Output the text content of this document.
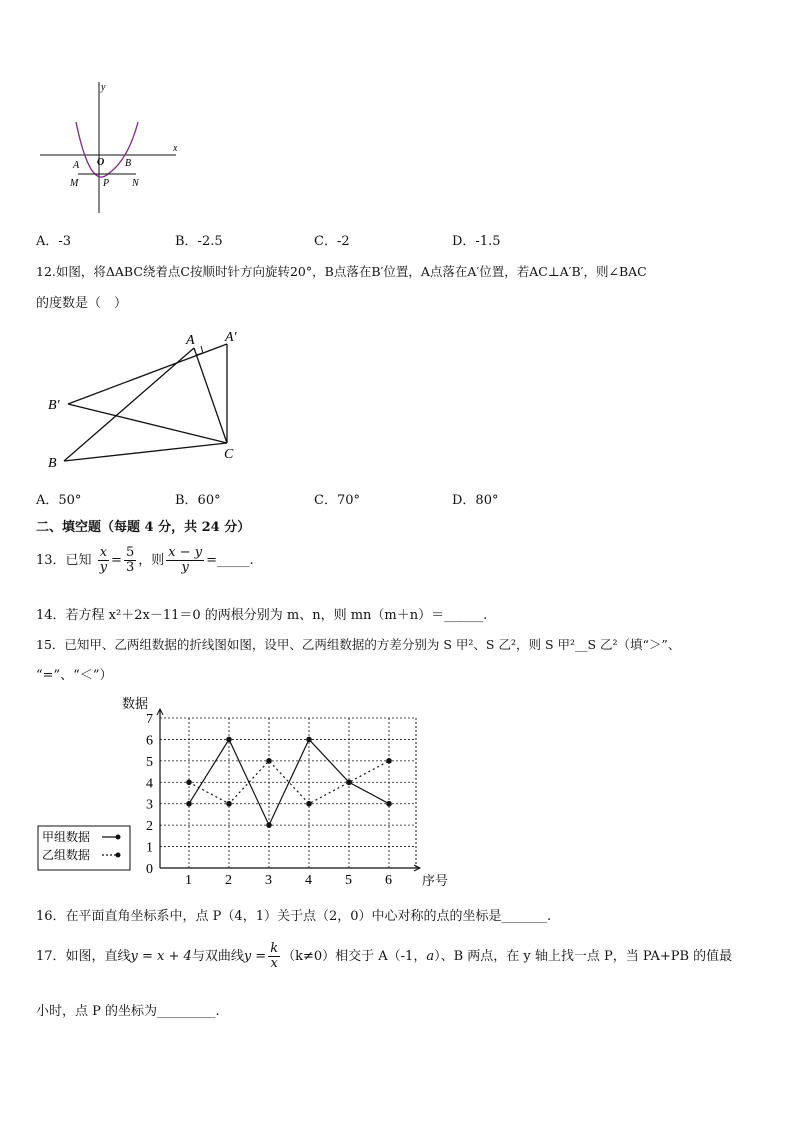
y
x
O
A	B
M P N
A．-3	B．-2.5	C．-2	D．-1.5
12.如图，将ΔABC绕着点C按顺时针方向旋转20°，B点落在B′位置，A点落在A′位置，若AC⊥A′B′，则∠BAC
的度数是（　）
A A′
B′
B
C
A．50°	B．60°	C．70°	D．80°
二、填空题（每题 4 分，共 24 分）
13．已知 $\frac{x}{y} = \frac{5}{3}$ ，则 $\frac{x - y}{y}$ =_____.
14．若方程 x²＋2x－11＝0 的两根分别为 m、n，则 mn（m＋n）＝______.
15．已知甲、乙两组数据的折线图如图，设甲、乙两组数据的方差分别为 S 甲²、S 乙²，则 S 甲²__S 乙²（填“＞”、
“=”、“＜”）
数据
序号
0
1
2
3
4
5
6
7
1 2 3 4 5 6
甲组数据
乙组数据
16．在平面直角坐标系中，点 P（4，1）关于点（2，0）中心对称的点的坐标是_______.
17．如图，直线y = x + 4与双曲线$y = \frac{k}{x} (k\ne 0)$相交于 A（-1，a）、B 两点，在 y 轴上找一点 P，当 PA+PB 的值最
小时，点 P 的坐标为_________.
